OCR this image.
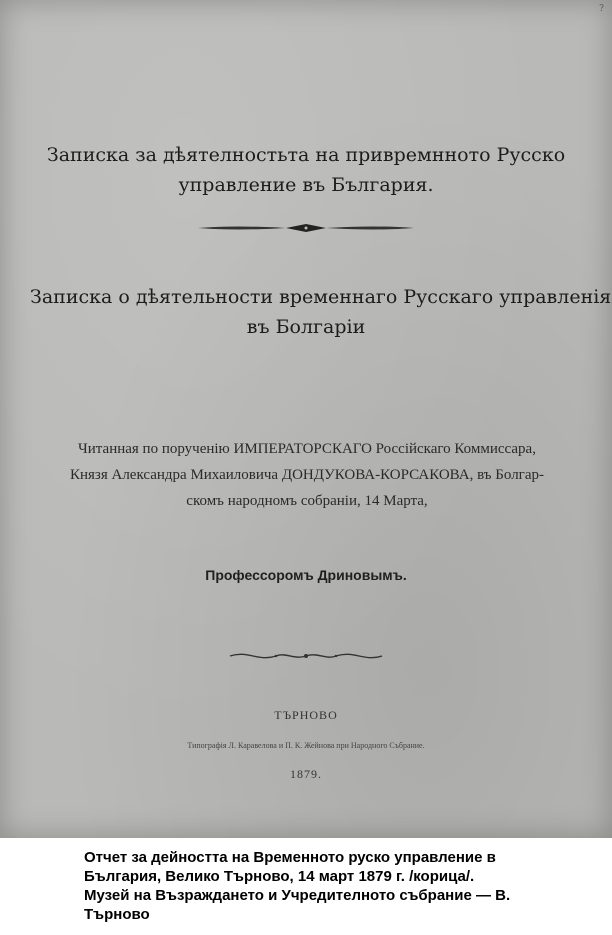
?
Записка за дѣятелностьта на привремнното Русско
управление въ България.
Записка о дѣятельности временнаго Русскаго управленія
въ Болгаріи
Читанная по порученію ИМПЕРАТОРСКАГО Россійскаго Коммиссара,
Князя Александра Михаиловича ДОНДУКОВА-КОРСАКОВА, въ Болгар-
скомъ народномъ собраніи, 14 Марта,
Профессоромъ Дриновымъ.
ТЪРНОВО
Типографія Л. Каравелова и П. К. Жейнова при Народного Събрание.
1879.
Отчет за дейността на Временното руско управление в
България, Велико Търново, 14 март 1879 г. /корица/.
Музей на Възраждането и Учредителното събрание — В.
Търново
